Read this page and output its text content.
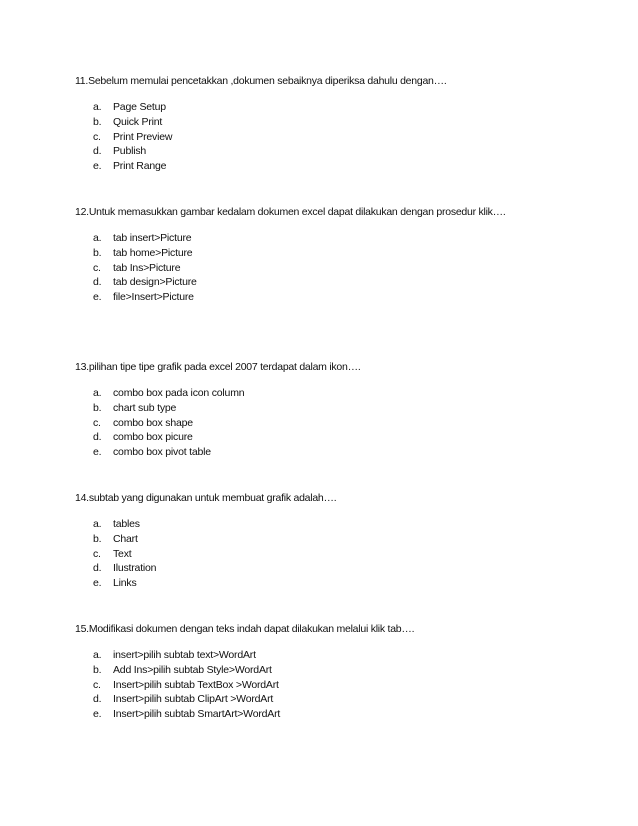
11.Sebelum memulai pencetakkan ,dokumen sebaiknya diperiksa dahulu dengan….

a.	Page Setup
b.	Quick Print
c.	Print Preview
d.	Publish
e.	Print Range

12.Untuk memasukkan gambar kedalam dokumen excel dapat dilakukan dengan prosedur klik….

a.	tab insert>Picture
b.	tab home>Picture
c.	tab Ins>Picture
d.	tab design>Picture
e.	file>Insert>Picture

13.pilihan tipe tipe grafik pada excel 2007 terdapat dalam ikon….

a.	combo box pada icon column
b.	chart sub type
c.	combo box shape
d.	combo box picure
e.	combo box pivot table

14.subtab yang digunakan untuk membuat grafik adalah….

a.	tables
b.	Chart
c.	Text
d.	Ilustration
e.	Links

15.Modifikasi dokumen dengan teks indah dapat dilakukan melalui klik tab….

a.	insert>pilih subtab text>WordArt
b.	Add Ins>pilih subtab Style>WordArt
c.	Insert>pilih subtab TextBox >WordArt
d.	Insert>pilih subtab ClipArt >WordArt
e.	Insert>pilih subtab SmartArt>WordArt
